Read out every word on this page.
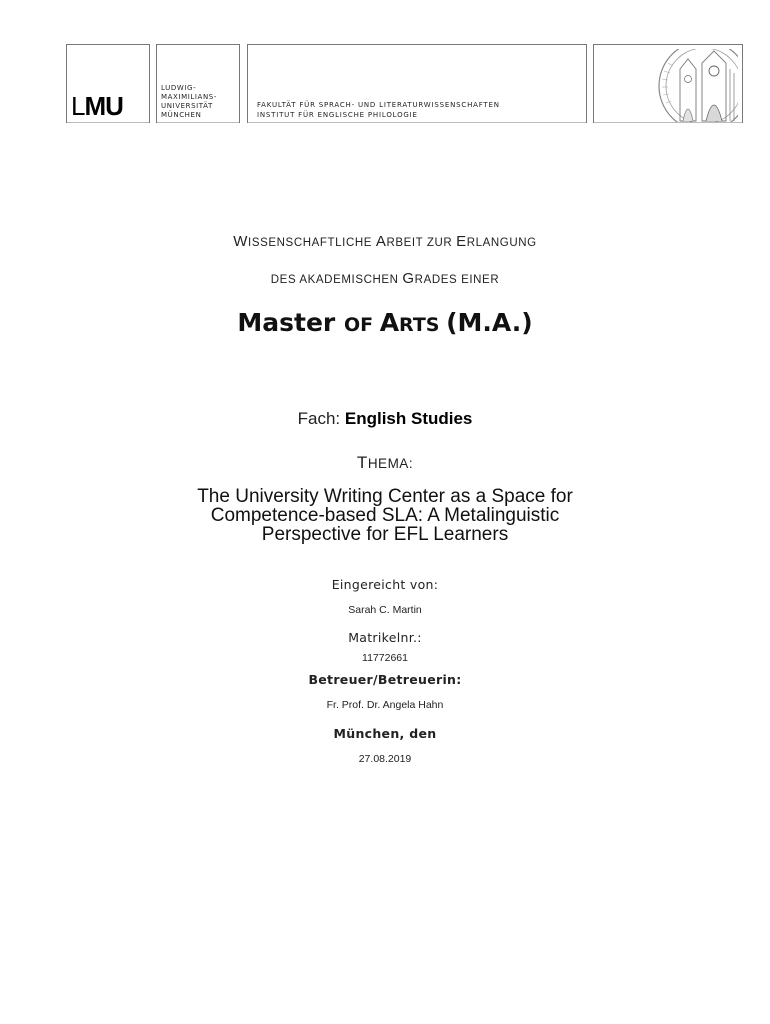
LMU
LUDWIG-
MAXIMILIANS-
UNIVERSITÄT
MÜNCHEN
FAKULTÄT FÜR SPRACH- UND LITERATURWISSENSCHAFTEN
INSTITUT FÜR ENGLISCHE PHILOLOGIE
WISSENSCHAFTLICHE ARBEIT ZUR ERLANGUNG
DES AKADEMISCHEN GRADES EINER
Master OF ARTS (M.A.)
Fach: English Studies
THEMA:
The University Writing Center as a Space for
Competence-based SLA: A Metalinguistic
Perspective for EFL Learners
Eingereicht von:
Sarah C. Martin
Matrikelnr.:
11772661
Betreuer/Betreuerin:
Fr. Prof. Dr. Angela Hahn
München, den
27.08.2019
